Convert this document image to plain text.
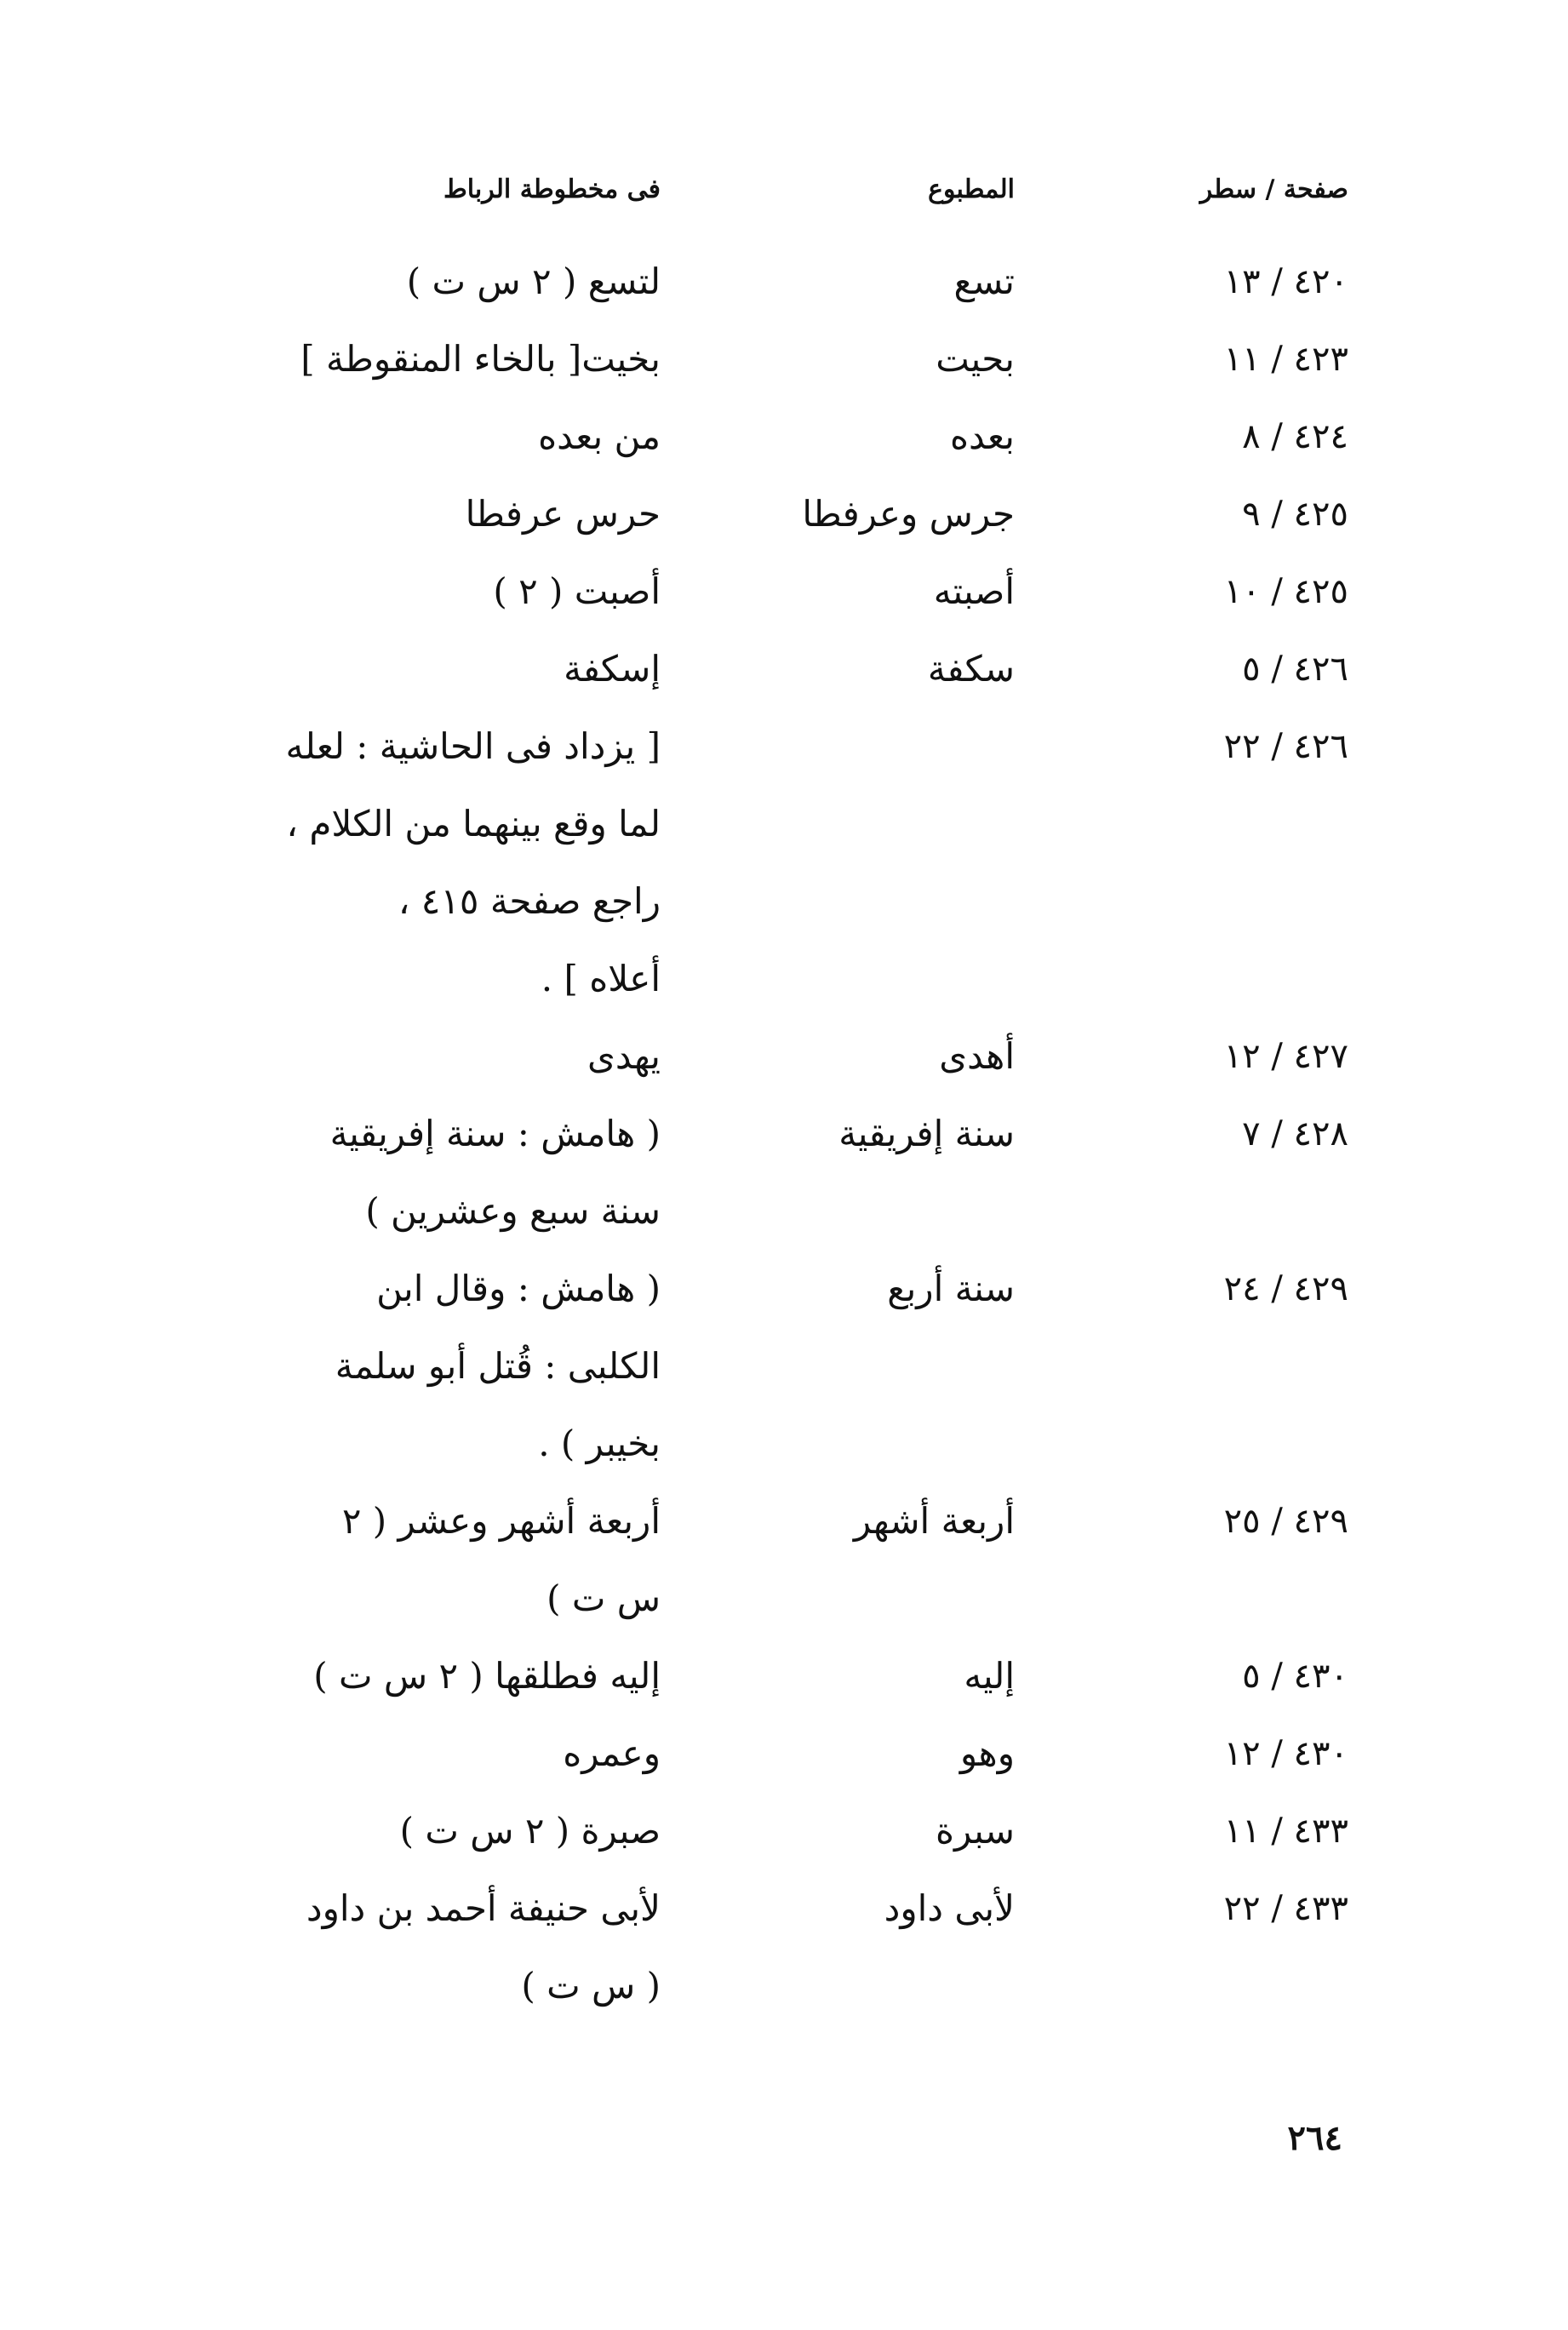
صفحة / سطر
المطبوع
فى مخطوطة الرباط
٤٢٠ / ١٣
تسع
لتسع ( ٢ س ت )
٤٢٣ / ١١
بحيت
بخيت[ بالخاء المنقوطة ]
٤٢٤ / ٨
بعده
من بعده
٤٢٥ / ٩
جرس وعرفطا
حرس عرفطا
٤٢٥ / ١٠
أصبته
أصبت ( ٢ )
٤٢٦ / ٥
سكفة
إسكفة
٤٢٦ / ٢٢
[ يزداد فى الحاشية : لعله
لما وقع بينهما من الكلام ،
راجع صفحة ٤١٥ ،
أعلاه ] .
٤٢٧ / ١٢
أهدى
يهدى
٤٢٨ / ٧
سنة إفريقية
( هامش : سنة إفريقية
سنة سبع وعشرين )
٤٢٩ / ٢٤
سنة أربع
( هامش : وقال ابن
الكلبى : قُتل أبو سلمة
بخيبر ) .
٤٢٩ / ٢٥
أربعة أشهر
أربعة أشهر وعشر ( ٢
س ت )
٤٣٠ / ٥
إليه
إليه فطلقها ( ٢ س ت )
٤٣٠ / ١٢
وهو
وعمره
٤٣٣ / ١١
سبرة
صبرة ( ٢ س ت )
٤٣٣ / ٢٢
لأبى داود
لأبى حنيفة أحمد بن داود
( س ت )
٢٦٤
